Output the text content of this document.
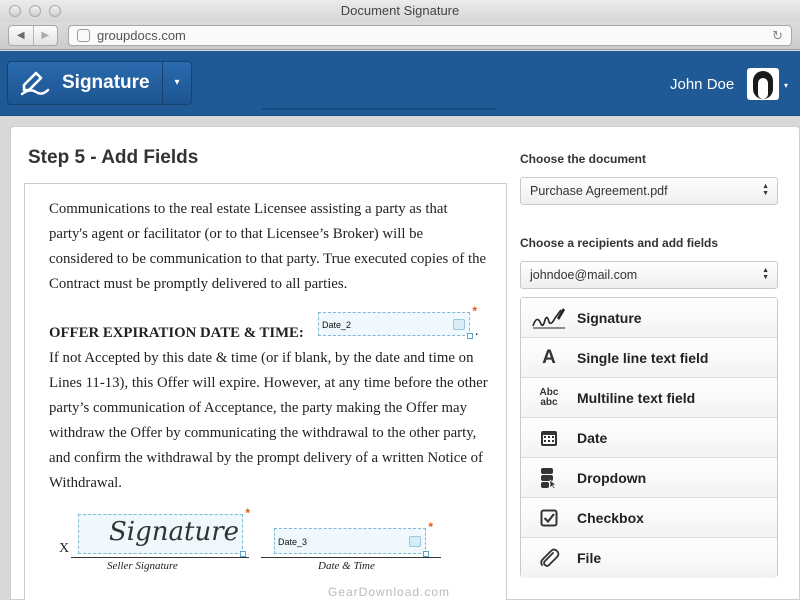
Document Signature
◀	▶	groupdocs.com	↻
Signature	▾	John Doe	▾
Step 5 - Add Fields

Communications to the real estate Licensee assisting a party as that party's agent or facilitator (or to that Licensee’s Broker) will be considered to be communication to that party. True executed copies of the Contract must be promptly delivered to all parties.

OFFER EXPIRATION DATE & TIME:
If not Accepted by this date & time (or if blank, by the date and time on Lines 11-13), this Offer will expire. However, at any time before the other party’s communication of Acceptance, the party making the Offer may withdraw the Offer by communicating the withdrawal to the other party, and confirm the withdrawal by the prompt delivery of a written Notice of Withdrawal.

Date_2
*
.
X
Signature
*
Seller Signature
Date_3
*
Date & Time
Choose the document
Purchase Agreement.pdf	▲
▼
Choose a recipients and add fields
johndoe@mail.com	▲
▼
Signature
A Single line text field
Abc
abc Multiline text field
Date
Dropdown
Checkbox
File
GearDownload.com
